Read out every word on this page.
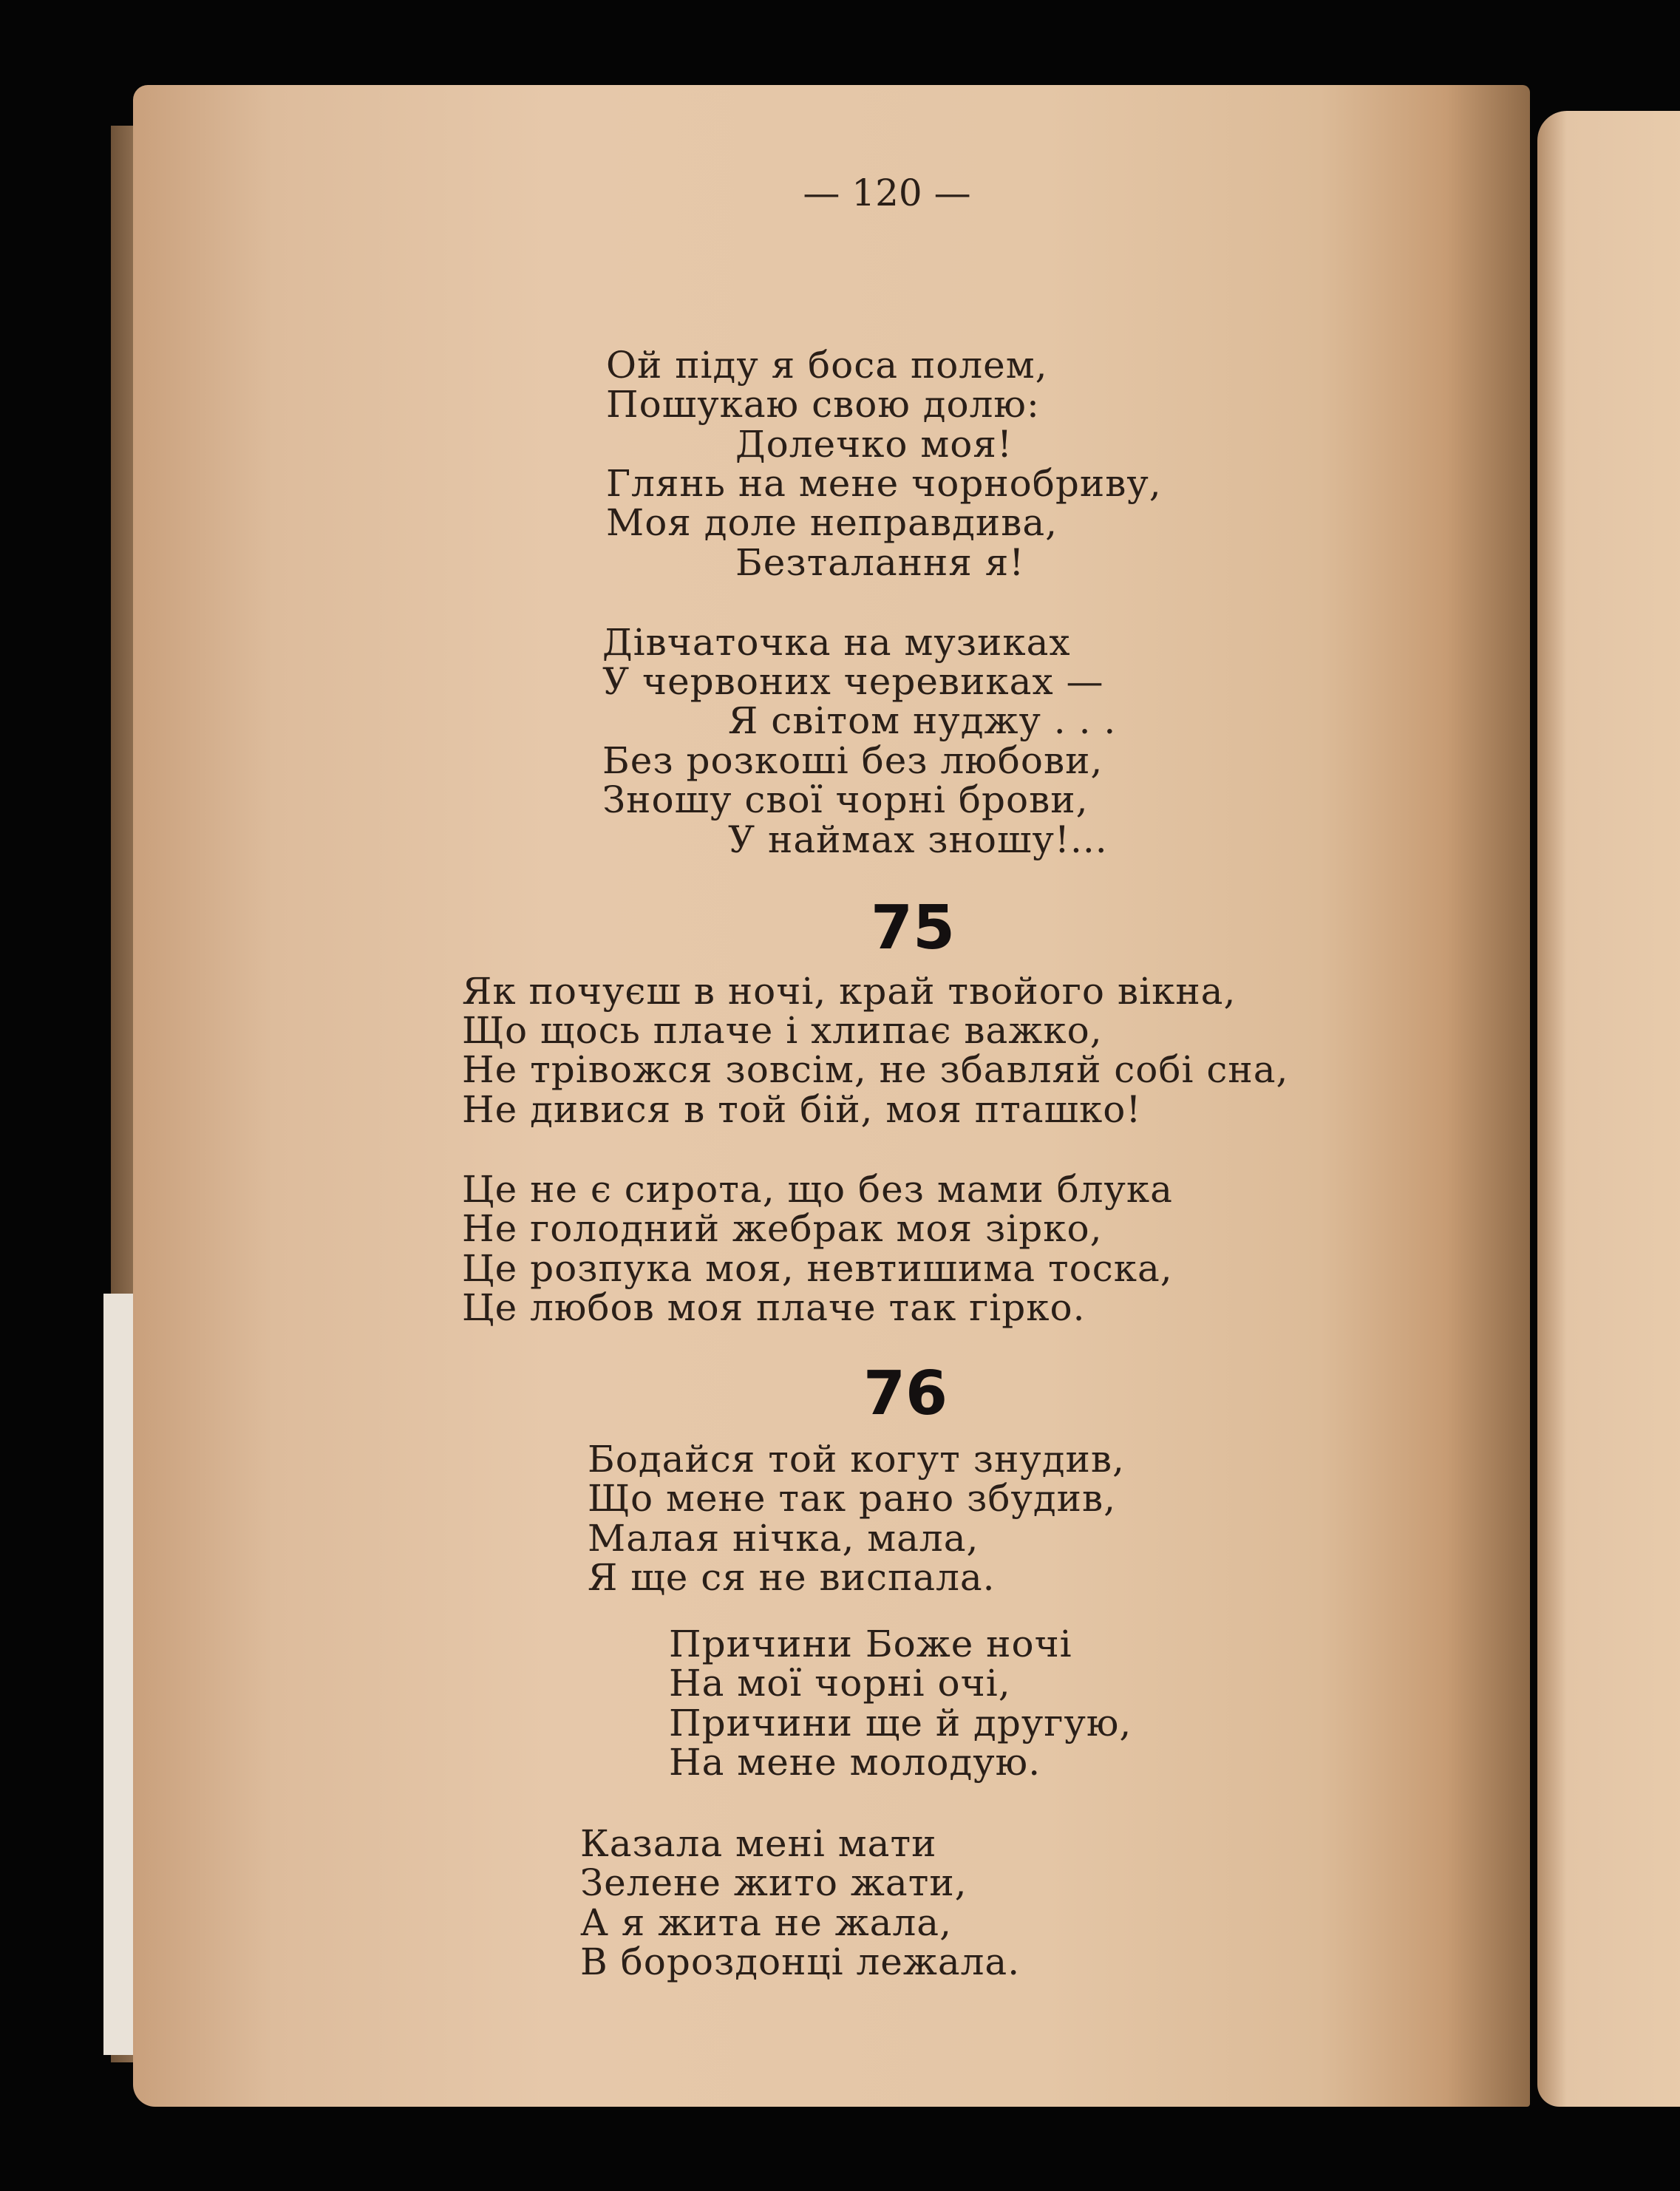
— 120 —
Ой піду я боса полем,
Пошукаю свою долю:
Долечко моя!
Глянь на мене чорнобриву,
Моя доле неправдива,
Безталання я!
Дівчаточка на музиках
У червоних черевиках —
Я світом нуджу . . .
Без розкоші без любови,
Зношу свої чорні брови,
У наймах зношу!...
75
Як почуєш в ночі, край твойого вікна,
Що щось плаче і хлипає важко,
Не трівожся зовсім, не збавляй собі сна,
Не дивися в той бій, моя пташко!
Це не є сирота, що без мами блука
Не голодний жебрак моя зірко,
Це розпука моя, невтишима тоска,
Це любов моя плаче так гірко.
76
Бодайся той когут знудив,
Що мене так рано збудив,
Малая нічка, мала,
Я ще ся не виспала.
Причини Боже ночі
На мої чорні очі,
Причини ще й другую,
На мене молодую.
Казала мені мати
Зелене жито жати,
А я жита не жала,
В бороздонці лежала.
